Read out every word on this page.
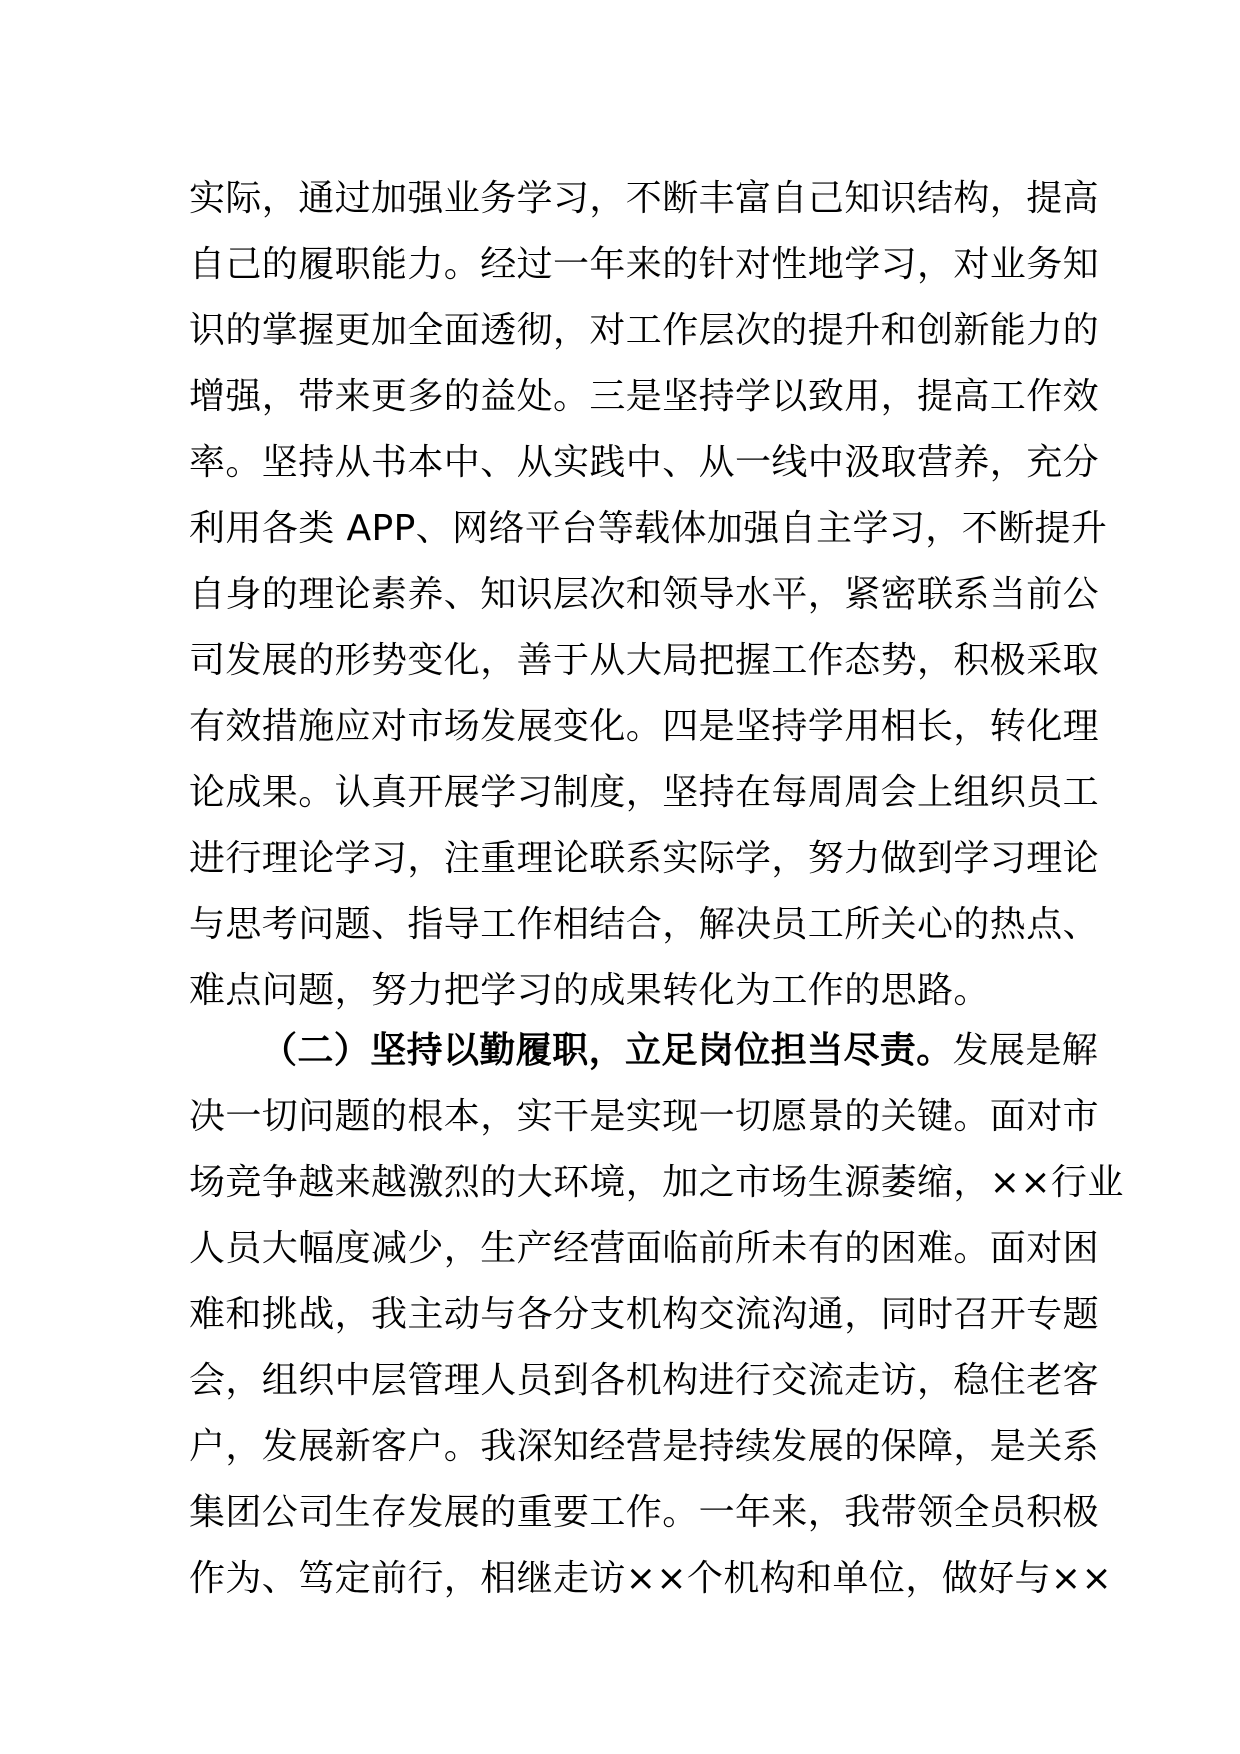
实际，通过加强业务学习，不断丰富自己知识结构，提高
自己的履职能力。经过一年来的针对性地学习，对业务知
识的掌握更加全面透彻，对工作层次的提升和创新能力的
增强，带来更多的益处。三是坚持学以致用，提高工作效
率。坚持从书本中、从实践中、从一线中汲取营养，充分
利用各类 APP、网络平台等载体加强自主学习，不断提升
自身的理论素养、知识层次和领导水平，紧密联系当前公
司发展的形势变化，善于从大局把握工作态势，积极采取
有效措施应对市场发展变化。四是坚持学用相长，转化理
论成果。认真开展学习制度，坚持在每周周会上组织员工
进行理论学习，注重理论联系实际学，努力做到学习理论
与思考问题、指导工作相结合，解决员工所关心的热点、
难点问题，努力把学习的成果转化为工作的思路。
（二）坚持以勤履职，立足岗位担当尽责。发展是解
决一切问题的根本，实干是实现一切愿景的关键。面对市
场竞争越来越激烈的大环境，加之市场生源萎缩，××行业
人员大幅度减少，生产经营面临前所未有的困难。面对困
难和挑战，我主动与各分支机构交流沟通，同时召开专题
会，组织中层管理人员到各机构进行交流走访，稳住老客
户，发展新客户。我深知经营是持续发展的保障，是关系
集团公司生存发展的重要工作。一年来，我带领全员积极
作为、笃定前行，相继走访××个机构和单位，做好与××
